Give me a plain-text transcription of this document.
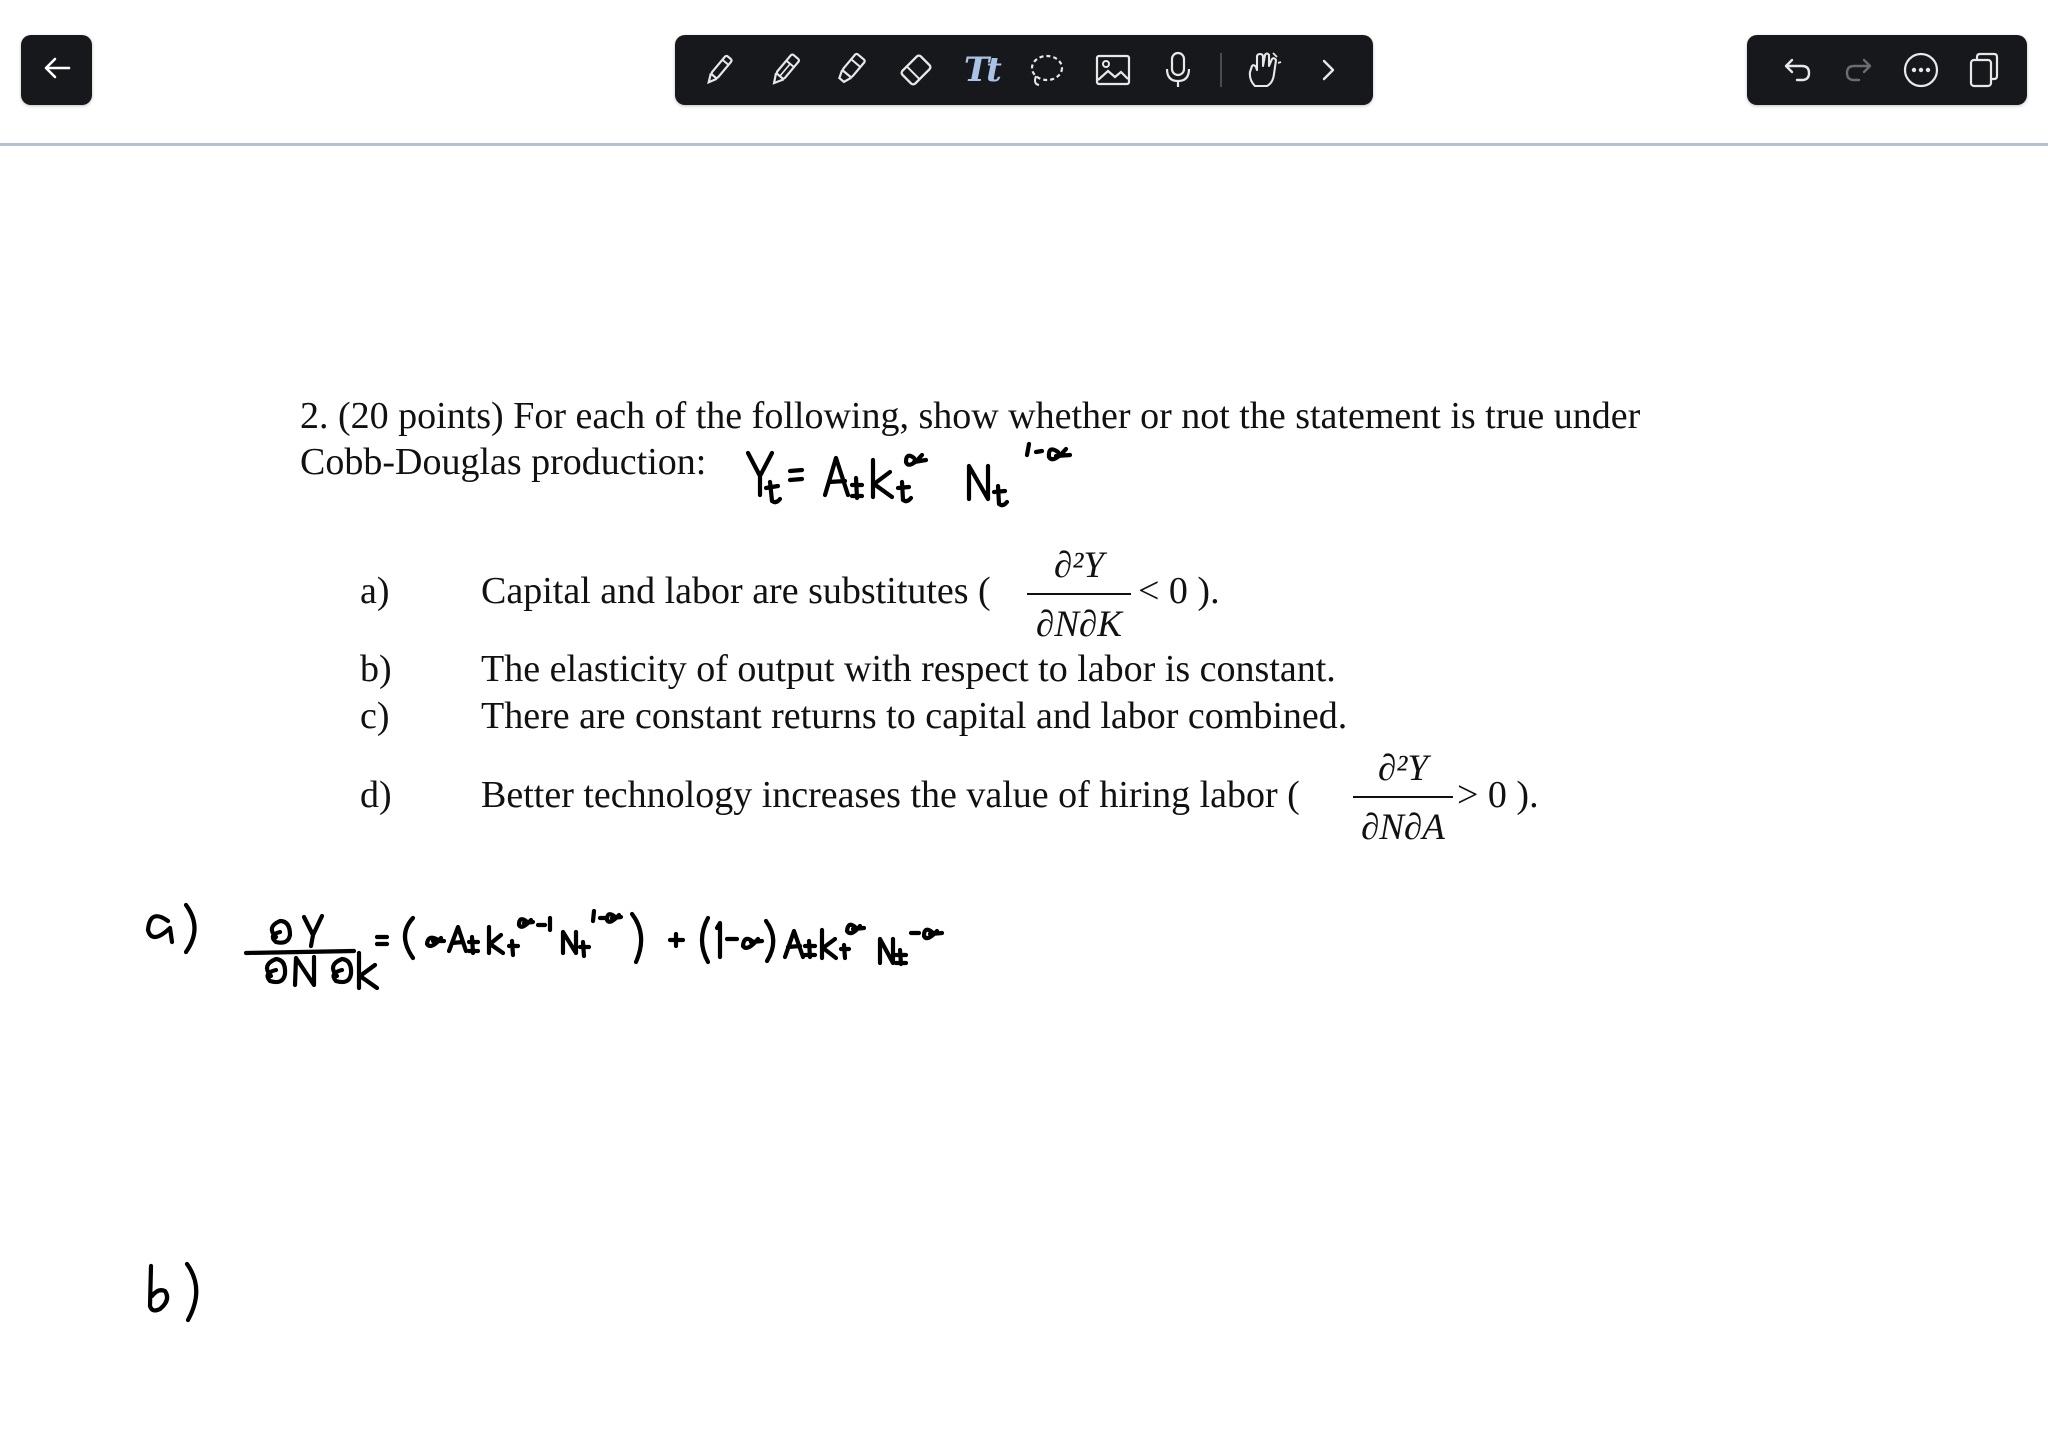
Tt
2. (20 points) For each of the following, show whether or not the statement is true under
Cobb-Douglas production:
a) Capital and labor are substitutes (
∂²Y
∂N∂K
< 0 ).
b) The elasticity of output with respect to labor is constant.
c) There are constant returns to capital and labor combined.
d) Better technology increases the value of hiring labor (
∂²Y
∂N∂A
> 0 ).
